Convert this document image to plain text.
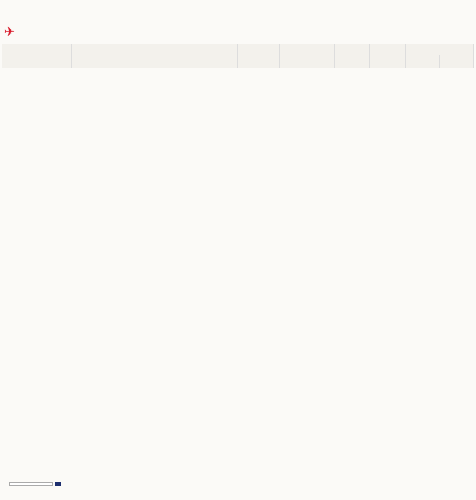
✈
